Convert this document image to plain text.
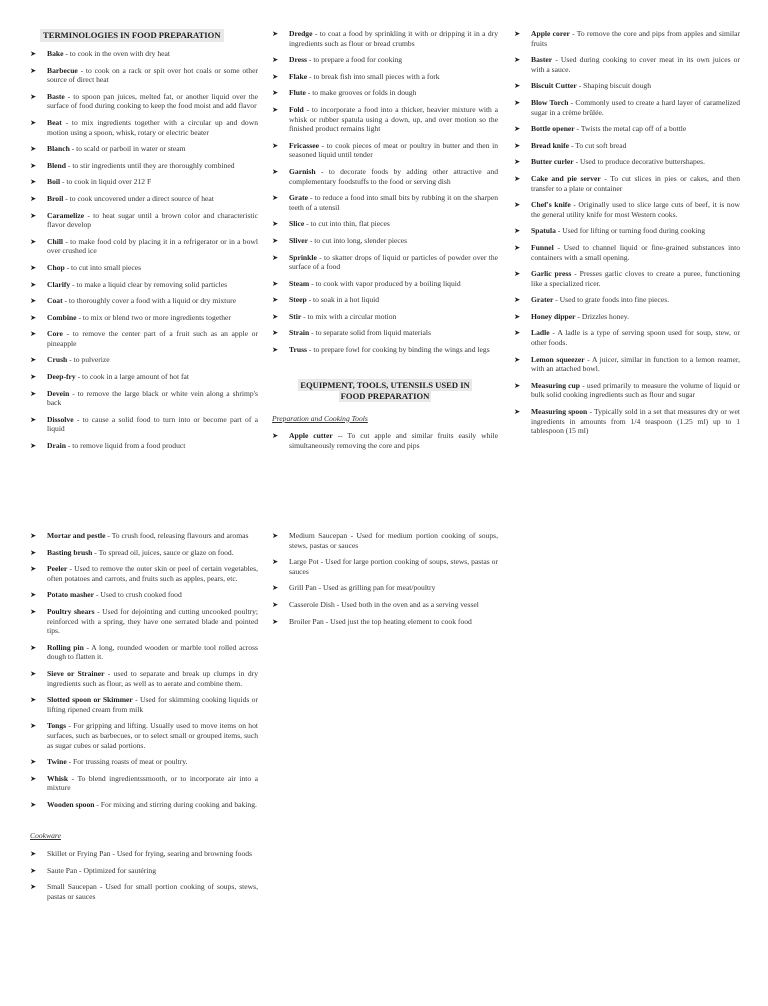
TERMINOLOGIES IN FOOD PREPARATION
➤ Bake - to cook in the oven with dry heat
➤ Barbecue - to cook on a rack or spit over hot coals or some other source of direct heat
➤ Baste - to spoon pan juices, melted fat, or another liquid over the surface of food during cooking to keep the food moist and add flavor
➤ Beat - to mix ingredients together with a circular up and down motion using a spoon, whisk, rotary or electric beater
➤ Blanch - to scald or parboil in water or steam
➤ Blend - to stir ingredients until they are thoroughly combined
➤ Boil - to cook in liquid over 212 F
➤ Broil - to cook uncovered under a direct source of heat
➤ Caramelize - to heat sugar until a brown color and characteristic flavor develop
➤ Chill - to make food cold by placing it in a refrigerator or in a bowl over crushed ice
➤ Chop - to cut into small pieces
➤ Clarify - to make a liquid clear by removing solid particles
➤ Coat - to thoroughly cover a food with a liquid or dry mixture
➤ Combine - to mix or blend two or more ingredients together
➤ Core - to remove the center part of a fruit such as an apple or pineapple
➤ Crush - to pulverize
➤ Deep-fry - to cook in a large amount of hot fat
➤ Devein - to remove the large black or white vein along a shrimp's back
➤ Dissolve - to cause a solid food to turn into or become part of a liquid
➤ Drain - to remove liquid from a food product
➤ Dredge - to coat a food by sprinkling it with or dripping it in a dry ingredients such as flour or bread crumbs
➤ Dress - to prepare a food for cooking
➤ Flake - to break fish into small pieces with a fork
➤ Flute - to make grooves or folds in dough
➤ Fold - to incorporate a food into a thicker, heavier mixture with a whisk or rubber spatula using a down, up, and over motion so the finished product remains light
➤ Fricassee - to cook pieces of meat or poultry in butter and then in seasoned liquid until tender
➤ Garnish - to decorate foods by adding other attractive and complementary foodstuffs to the food or serving dish
➤ Grate - to reduce a food into small bits by rubbing it on the sharpen teeth of a utensil
➤ Slice - to cut into thin, flat pieces
➤ Sliver - to cut into long, slender pieces
➤ Sprinkle - to skatter drops of liquid or particles of powder over the surface of a food
➤ Steam - to cook with vapor produced by a boiling liquid
➤ Steep - to soak in a hot liquid
➤ Stir - to mix with a circular motion
➤ Strain - to separate solid from liquid materials
➤ Truss - to prepare fowl for cooking by binding the wings and legs
EQUIPMENT, TOOLS, UTENSILS USED IN
FOOD PREPARATION
Preparation and Cooking Tools
➤ Apple cutter -- To cut apple and similar fruits easily while simultaneously removing the core and pips
➤ Apple corer - To remove the core and pips from apples and similar fruits
➤ Baster - Used during cooking to cover meat in its own juices or with a sauce.
➤ Biscuit Cutter - Shaping biscuit dough
➤ Blow Torch - Commonly used to create a hard layer of caramelized sugar in a crème brûlée.
➤ Bottle opener - Twists the metal cap off of a bottle
➤ Bread knife - To cut soft bread
➤ Butter curler - Used to produce decorative buttershapes.
➤ Cake and pie server - To cut slices in pies or cakes, and then transfer to a plate or container
➤ Chef's knife - Originally used to slice large cuts of beef, it is now the general utility knife for most Western cooks.
➤ Spatula - Used for lifting or turning food during cooking
➤ Funnel - Used to channel liquid or fine-grained substances into containers with a small opening.
➤ Garlic press - Presses garlic cloves to create a puree, functioning like a specialized ricer.
➤ Grater - Used to grate foods into fine pieces.
➤ Honey dipper - Drizzles honey.
➤ Ladle - A ladle is a type of serving spoon used for soup, stew, or other foods.
➤ Lemon squeezer - A juicer, similar in function to a lemon reamer, with an attached bowl.
➤ Measuring cup - used primarily to measure the volume of liquid or bulk solid cooking ingredients such as flour and sugar
➤ Measuring spoon - Typically sold in a set that measures dry or wet ingredients in amounts from 1/4 teaspoon (1.25 ml) up to 1 tablespoon (15 ml)
➤ Mortar and pestle - To crush food, releasing flavours and aromas
➤ Basting brush - To spread oil, juices, sauce or glaze on food.
➤ Peeler - Used to remove the outer skin or peel of certain vegetables, often potatoes and carrots, and fruits such as apples, pears, etc.
➤ Potato masher - Used to crush cooked food
➤ Poultry shears - Used for dejointing and cutting uncooked poultry; reinforced with a spring, they have one serrated blade and pointed tips.
➤ Rolling pin - A long, rounded wooden or marble tool rolled across dough to flatten it.
➤ Sieve or Strainer - used to separate and break up clumps in dry ingredients such as flour, as well as to aerate and combine them.
➤ Slotted spoon or Skimmer - Used for skimming cooking liquids or lifting ripened cream from milk
➤ Tongs - For gripping and lifting. Usually used to move items on hot surfaces, such as barbecues, or to select small or grouped items, such as sugar cubes or salad portions.
➤ Twine - For trussing roasts of meat or poultry.
➤ Whisk - To blend ingredientssmooth, or to incorporate air into a mixture
➤ Wooden spoon - For mixing and stirring during cooking and baking.
Cookware
➤ Skillet or Frying Pan - Used for frying, searing and browning foods
➤ Saute Pan - Optimized for sautéring
➤ Small Saucepan - Used for small portion cooking of soups, stews, pastas or sauces
➤ Medium Saucepan - Used for medium portion cooking of soups, stews, pastas or sauces
➤ Large Pot - Used for large portion cooking of soups, stews, pastas or sauces
➤ Grill Pan - Used as grilling pan for meat/poultry
➤ Casserole Dish - Used both in the oven and as a serving vessel
➤ Broiler Pan - Used just the top heating element to cook food
